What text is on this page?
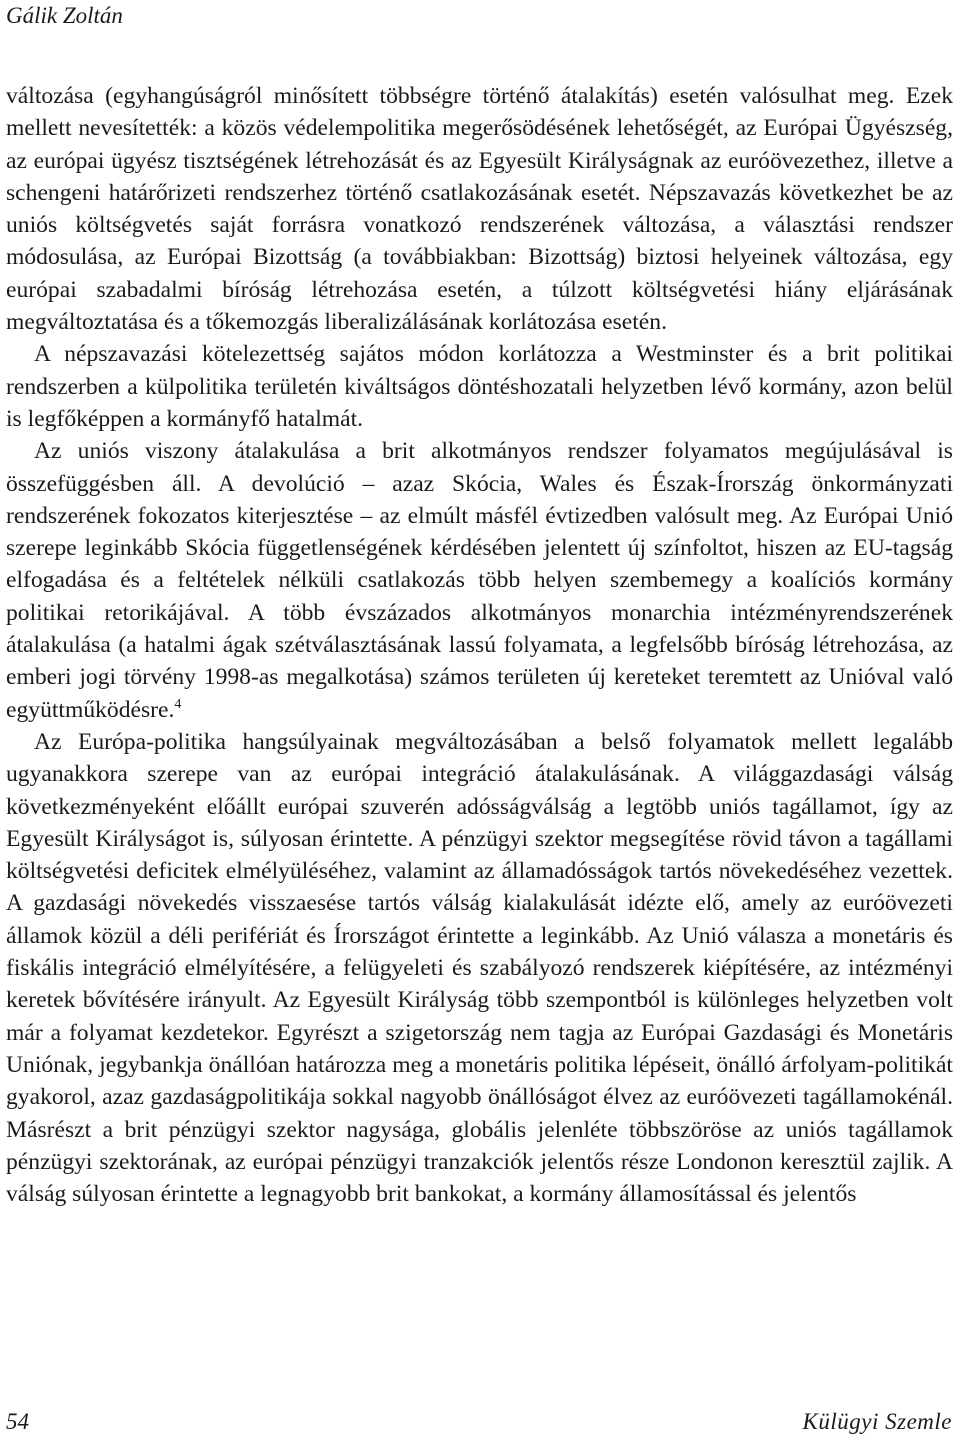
Gálik Zoltán

változása (egyhangúságról minősített többségre történő átalakítás) esetén valósulhat meg. Ezek mellett nevesítették: a közös védelempolitika megerősödésének lehetőségét, az Európai Ügyészség, az európai ügyész tisztségének létrehozását és az Egyesült Királyságnak az euróövezethez, illetve a schengeni határőrizeti rendszerhez történő csatlakozásának esetét. Népszavazás következhet be az uniós költségvetés saját forrásra vonatkozó rendszerének változása, a választási rendszer módosulása, az Európai Bizottság (a továbbiakban: Bizottság) biztosi helyeinek változása, egy európai szabadalmi bíróság létrehozása esetén, a túlzott költségvetési hiány eljárásának megváltoztatása és a tőkemozgás liberalizálásának korlátozása esetén.

A népszavazási kötelezettség sajátos módon korlátozza a Westminster és a brit politikai rendszerben a külpolitika területén kiváltságos döntéshozatali helyzetben lévő kormány, azon belül is legfőképpen a kormányfő hatalmát.

Az uniós viszony átalakulása a brit alkotmányos rendszer folyamatos megújulásával is összefüggésben áll. A devolúció – azaz Skócia, Wales és Észak-Írország önkormányzati rendszerének fokozatos kiterjesztése – az elmúlt másfél évtizedben valósult meg. Az Európai Unió szerepe leginkább Skócia függetlenségének kérdésében jelentett új színfoltot, hiszen az EU-tagság elfogadása és a feltételek nélküli csatlakozás több helyen szembemegy a koalíciós kormány politikai retorikájával. A több évszázados alkotmányos monarchia intézményrendszerének átalakulása (a hatalmi ágak szétválasztásának lassú folyamata, a legfelsőbb bíróság létrehozása, az emberi jogi törvény 1998-as megalkotása) számos területen új kereteket teremtett az Unióval való együttműködésre.$^4$

Az Európa-politika hangsúlyainak megváltozásában a belső folyamatok mellett legalább ugyanakkora szerepe van az európai integráció átalakulásának. A világgazdasági válság következményeként előállt európai szuverén adósságválság a legtöbb uniós tagállamot, így az Egyesült Királyságot is, súlyosan érintette. A pénzügyi szektor megsegítése rövid távon a tagállami költségvetési deficitek elmélyüléséhez, valamint az államadósságok tartós növekedéséhez vezettek. A gazdasági növekedés visszaesése tartós válság kialakulását idézte elő, amely az euróövezeti államok közül a déli perifériát és Írországot érintette a leginkább. Az Unió válasza a monetáris és fiskális integráció elmélyítésére, a felügyeleti és szabályozó rendszerek kiépítésére, az intézményi keretek bővítésére irányult. Az Egyesült Királyság több szempontból is különleges helyzetben volt már a folyamat kezdetekor. Egyrészt a szigetország nem tagja az Európai Gazdasági és Monetáris Uniónak, jegybankja önállóan határozza meg a monetáris politika lépéseit, önálló árfolyam-politikát gyakorol, azaz gazdaságpolitikája sokkal nagyobb önállóságot élvez az euróövezeti tagállamokénál. Másrészt a brit pénzügyi szektor nagysága, globális jelenléte többszöröse az uniós tagállamok pénzügyi szektorának, az európai pénzügyi tranzakciók jelentős része Londonon keresztül zajlik. A válság súlyosan érintette a legnagyobb brit bankokat, a kormány államosítással és jelentős

54	Külügyi Szemle
